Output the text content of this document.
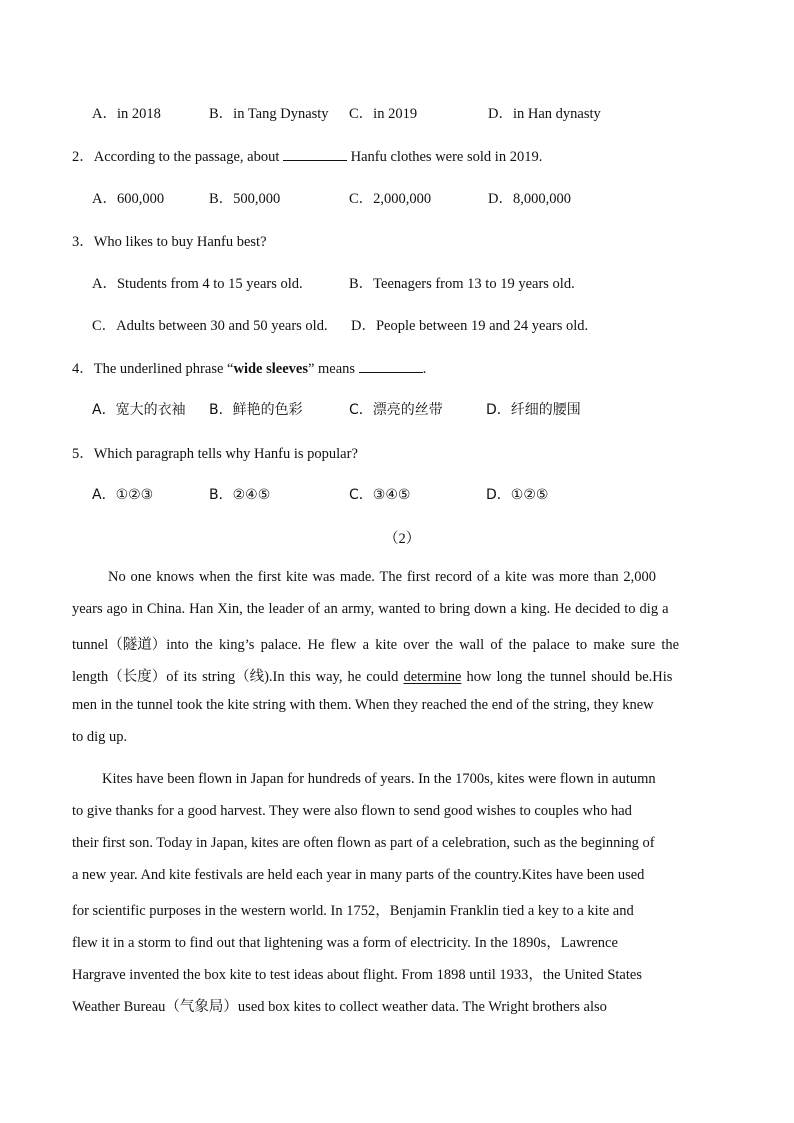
A．in 2018	B．in Tang Dynasty C．in 2019	D．in Han dynasty
2．According to the passage, about	Hanfu clothes were sold in 2019.
A．600,000	B．500,000	C．2,000,000	D．8,000,000
3．Who likes to buy Hanfu best?
A．Students from 4 to 15 years old.	B．Teenagers from 13 to 19 years old.
C．Adults between 30 and 50 years old. D．People between 19 and 24 years old.
4．The underlined phrase “wide sleeves” means	.
A．宽大的衣袖 B．鲜艳的色彩	C．漂亮的丝带	D．纤细的腰围
5．Which paragraph tells why Hanfu is popular?
A．①②③	B．②④⑤	C．③④⑤	D．①②⑤
（2）
No one knows when the first kite was made. The first record of a kite was more than 2,000
years ago in China. Han Xin, the leader of an army, wanted to bring down a king. He decided to dig a
tunnel（隧道）into the king’s palace. He flew a kite over the wall of the palace to make sure the
length（长度）of its string（线).In this way, he could determine how long the tunnel should be.His
men in the tunnel took the kite string with them. When they reached the end of the string, they knew
to dig up.
Kites have been flown in Japan for hundreds of years. In the 1700s, kites were flown in autumn
to give thanks for a good harvest. They were also flown to send good wishes to couples who had
their first son. Today in Japan, kites are often flown as part of a celebration, such as the beginning of
a new year. And kite festivals are held each year in many parts of the country.Kites have been used
for scientific purposes in the western world. In 1752，Benjamin Franklin tied a key to a kite and
flew it in a storm to find out that lightening was a form of electricity. In the 1890s，Lawrence
Hargrave invented the box kite to test ideas about flight. From 1898 until 1933，the United States
Weather Bureau（气象局）used box kites to collect weather data. The Wright brothers also
